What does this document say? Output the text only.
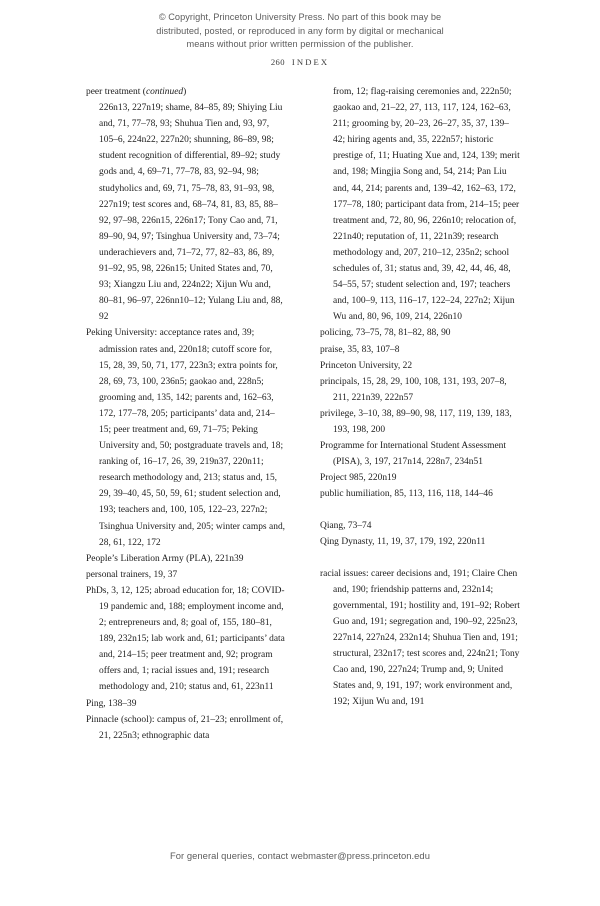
© Copyright, Princeton University Press. No part of this book may be
distributed, posted, or reproduced in any form by digital or mechanical
means without prior written permission of the publisher.
260 INDEX

peer treatment (continued)

226n13, 227n19; shame, 84–85, 89; Shiying Liu and, 71, 77–78, 93; Shuhua Tien and, 93, 97, 105–6, 224n22, 227n20; shunning, 86–89, 98; student recognition of differential, 89–92; study gods and, 4, 69–71, 77–78, 83, 92–94, 98; studyholics and, 69, 71, 75–78, 83, 91–93, 98, 227n19; test scores and, 68–74, 81, 83, 85, 88–92, 97–98, 226n15, 226n17; Tony Cao and, 71, 89–90, 94, 97; Tsinghua University and, 73–74; underachievers and, 71–72, 77, 82–83, 86, 89, 91–92, 95, 98, 226n15; United States and, 70, 93; Xiangzu Liu and, 224n22; Xijun Wu and, 80–81, 96–97, 226nn10–12; Yulang Liu and, 88, 92

Peking University: acceptance rates and, 39; admission rates and, 220n18; cutoff score for, 15, 28, 39, 50, 71, 177, 223n3; extra points for, 28, 69, 73, 100, 236n5; gaokao and, 228n5; grooming and, 135, 142; parents and, 162–63, 172, 177–78, 205; participants’ data and, 214–15; peer treatment and, 69, 71–75; Peking University and, 50; postgraduate travels and, 18; ranking of, 16–17, 26, 39, 219n37, 220n11; research methodology and, 213; status and, 15, 29, 39–40, 45, 50, 59, 61; student selection and, 193; teachers and, 100, 105, 122–23, 227n2; Tsinghua University and, 205; winter camps and, 28, 61, 122, 172

People’s Liberation Army (PLA), 221n39

personal trainers, 19, 37

PhDs, 3, 12, 125; abroad education for, 18; COVID-19 pandemic and, 188; employment income and, 2; entrepreneurs and, 8; goal of, 155, 180–81, 189, 232n15; lab work and, 61; participants’ data and, 214–15; peer treatment and, 92; program offers and, 1; racial issues and, 191; research methodology and, 210; status and, 61, 223n11

Ping, 138–39

Pinnacle (school): campus of, 21–23; enrollment of, 21, 225n3; ethnographic data

from, 12; flag-raising ceremonies and, 222n50; gaokao and, 21–22, 27, 113, 117, 124, 162–63, 211; grooming by, 20–23, 26–27, 35, 37, 139–42; hiring agents and, 35, 222n57; historic prestige of, 11; Huating Xue and, 124, 139; merit and, 198; Mingjia Song and, 54, 214; Pan Liu and, 44, 214; parents and, 139–42, 162–63, 172, 177–78, 180; participant data from, 214–15; peer treatment and, 72, 80, 96, 226n10; relocation of, 221n40; reputation of, 11, 221n39; research methodology and, 207, 210–12, 235n2; school schedules of, 31; status and, 39, 42, 44, 46, 48, 54–55, 57; student selection and, 197; teachers and, 100–9, 113, 116–17, 122–24, 227n2; Xijun Wu and, 80, 96, 109, 214, 226n10

policing, 73–75, 78, 81–82, 88, 90

praise, 35, 83, 107–8

Princeton University, 22

principals, 15, 28, 29, 100, 108, 131, 193, 207–8, 211, 221n39, 222n57

privilege, 3–10, 38, 89–90, 98, 117, 119, 139, 183, 193, 198, 200

Programme for International Student Assessment (PISA), 3, 197, 217n14, 228n7, 234n51

Project 985, 220n19

public humiliation, 85, 113, 116, 118, 144–46

Qiang, 73–74

Qing Dynasty, 11, 19, 37, 179, 192, 220n11

racial issues: career decisions and, 191; Claire Chen and, 190; friendship patterns and, 232n14; governmental, 191; hostility and, 191–92; Robert Guo and, 191; segregation and, 190–92, 225n23, 227n14, 227n24, 232n14; Shuhua Tien and, 191; structural, 232n17; test scores and, 224n21; Tony Cao and, 190, 227n24; Trump and, 9; United States and, 9, 191, 197; work environment and, 192; Xijun Wu and, 191

For general queries, contact webmaster@press.princeton.edu
